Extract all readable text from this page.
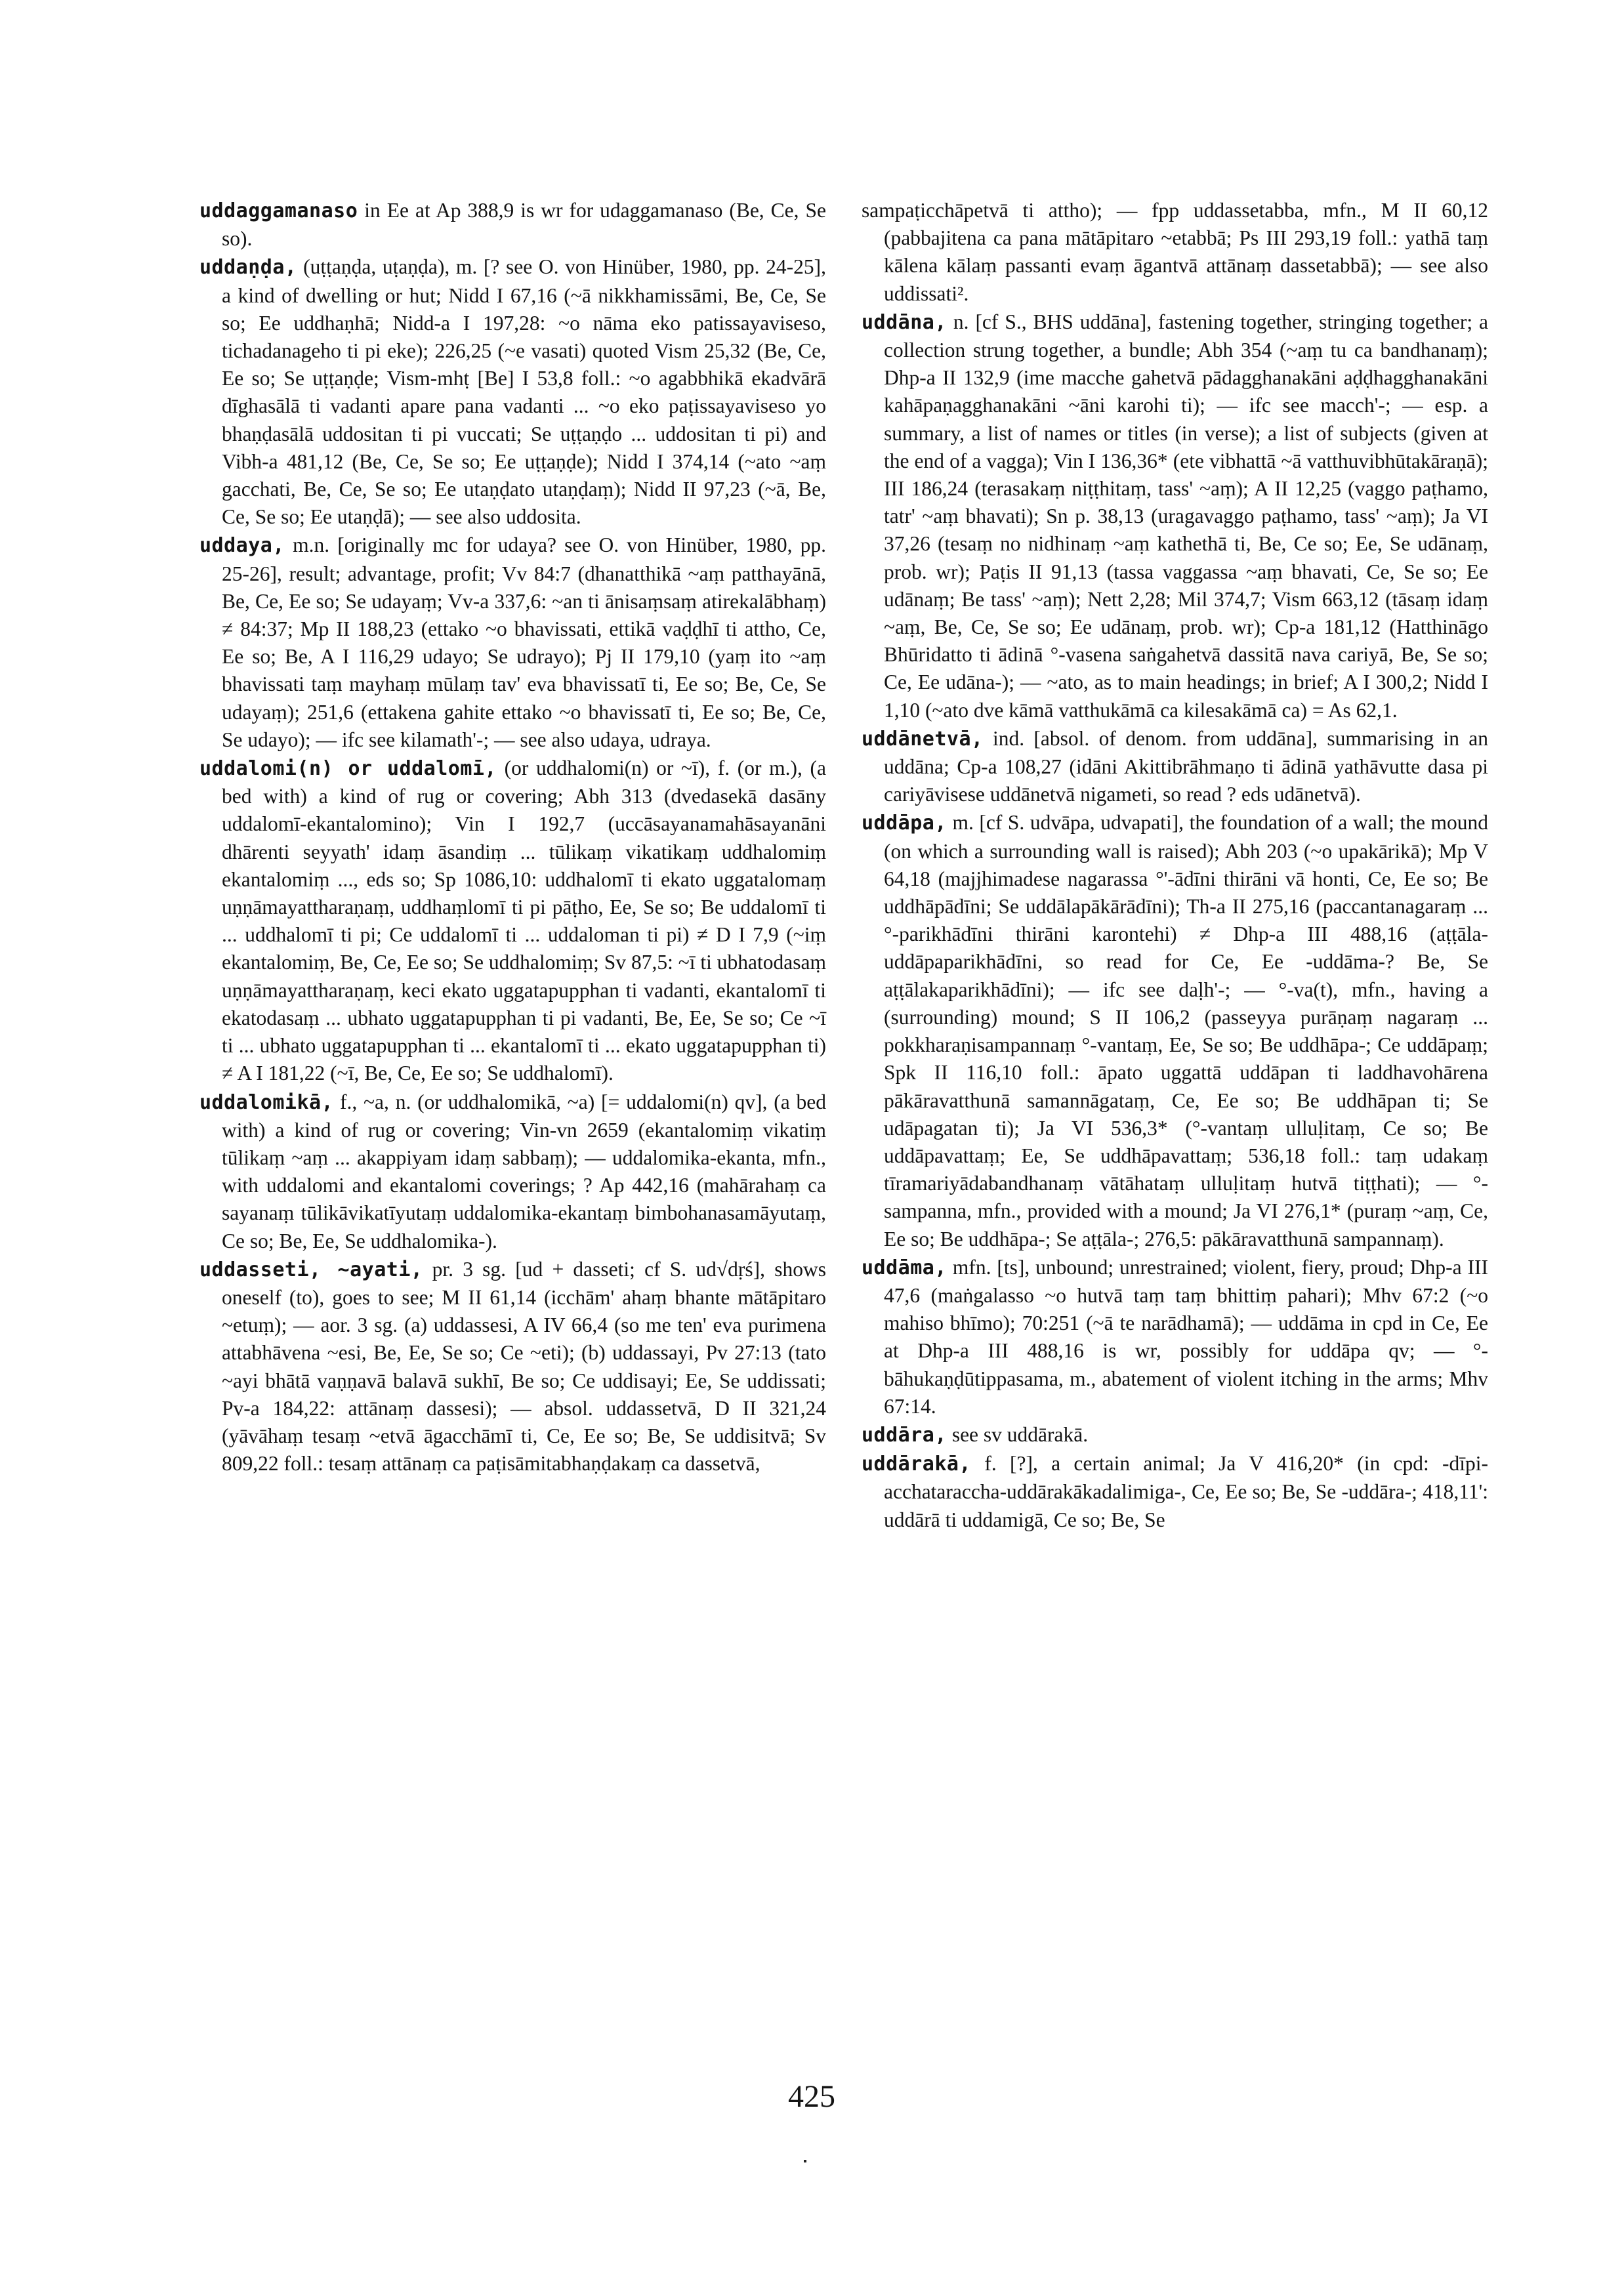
uddaggamanaso in Ee at Ap 388,9 is wr for udaggamanaso (Be, Ce, Se so).

uddaṇḍa, (uṭṭaṇḍa, uṭaṇḍa), m. [? see O. von Hinüber, 1980, pp. 24-25], a kind of dwelling or hut; Nidd I 67,16 (~ā nikkhamissāmi, Be, Ce, Se so; Ee uddhaṇhā; Nidd-a I 197,28: ~o nāma eko patissayaviseso, tichadanageho ti pi eke); 226,25 (~e vasati) quoted Vism 25,32 (Be, Ce, Ee so; Se uṭṭaṇḍe; Vism-mhṭ [Be] I 53,8 foll.: ~o agabbhikā ekadvārā dīghasālā ti vadanti apare pana vadanti ... ~o eko paṭissayaviseso yo bhaṇḍasālā uddositan ti pi vuccati; Se uṭṭaṇḍo ... uddositan ti pi) and Vibh-a 481,12 (Be, Ce, Se so; Ee uṭṭaṇḍe); Nidd I 374,14 (~ato ~aṃ gacchati, Be, Ce, Se so; Ee utaṇḍato utaṇḍaṃ); Nidd II 97,23 (~ā, Be, Ce, Se so; Ee utaṇḍā); — see also uddosita.

uddaya, m.n. [originally mc for udaya? see O. von Hinüber, 1980, pp. 25-26], result; advantage, profit; Vv 84:7 (dhanatthikā ~aṃ patthayānā, Be, Ce, Ee so; Se udayaṃ; Vv-a 337,6: ~an ti ānisaṃsaṃ atirekalābhaṃ) ≠ 84:37; Mp II 188,23 (ettako ~o bhavissati, ettikā vaḍḍhī ti attho, Ce, Ee so; Be, A I 116,29 udayo; Se udrayo); Pj II 179,10 (yaṃ ito ~aṃ bhavissati taṃ mayhaṃ mūlaṃ tav' eva bhavissatī ti, Ee so; Be, Ce, Se udayaṃ); 251,6 (ettakena gahite ettako ~o bhavissatī ti, Ee so; Be, Ce, Se udayo); — ifc see kilamath'-; — see also udaya, udraya.

uddalomi(n) or uddalomī, (or uddhalomi(n) or ~ī), f. (or m.), (a bed with) a kind of rug or covering; Abh 313 (dvedasekā dasāny uddalomī-ekantalomino); Vin I 192,7 (uccāsayanamahāsayanāni dhārenti seyyath' idaṃ āsandiṃ ... tūlikaṃ vikatikaṃ uddhalomiṃ ekantalomiṃ ..., eds so; Sp 1086,10: uddhalomī ti ekato uggatalomaṃ uṇṇāmayattharaṇaṃ, uddhaṃlomī ti pi pāṭho, Ee, Se so; Be uddalomī ti ... uddhalomī ti pi; Ce uddalomī ti ... uddaloman ti pi) ≠ D I 7,9 (~iṃ ekantalomiṃ, Be, Ce, Ee so; Se uddhalomiṃ; Sv 87,5: ~ī ti ubhatodasaṃ uṇṇāmayattharaṇaṃ, keci ekato uggatapupphan ti vadanti, ekantalomī ti ekatodasaṃ ... ubhato uggatapupphan ti pi vadanti, Be, Ee, Se so; Ce ~ī ti ... ubhato uggatapupphan ti ... ekantalomī ti ... ekato uggatapupphan ti) ≠ A I 181,22 (~ī, Be, Ce, Ee so; Se uddhalomī).

uddalomikā, f., ~a, n. (or uddhalomikā, ~a) [= uddalomi(n) qv], (a bed with) a kind of rug or covering; Vin-vn 2659 (ekantalomiṃ vikatiṃ tūlikaṃ ~aṃ ... akappiyam idaṃ sabbaṃ); — uddalomika-ekanta, mfn., with uddalomi and ekantalomi coverings; ? Ap 442,16 (mahārahaṃ ca sayanaṃ tūlikāvikatīyutaṃ uddalomika-ekantaṃ bimbohanasamāyutaṃ, Ce so; Be, Ee, Se uddhalomika-).

uddasseti, ~ayati, pr. 3 sg. [ud + dasseti; cf S. ud√dṛś], shows oneself (to), goes to see; M II 61,14 (icchām' ahaṃ bhante mātāpitaro ~etuṃ); — aor. 3 sg. (a) uddassesi, A IV 66,4 (so me ten' eva purimena attabhāvena ~esi, Be, Ee, Se so; Ce ~eti); (b) uddassayi, Pv 27:13 (tato ~ayi bhātā vaṇṇavā balavā sukhī, Be so; Ce uddisayi; Ee, Se uddissati; Pv-a 184,22: attānaṃ dassesi); — absol. uddassetvā, D II 321,24 (yāvāhaṃ tesaṃ ~etvā āgacchāmī ti, Ce, Ee so; Be, Se uddisitvā; Sv 809,22 foll.: tesaṃ attānaṃ ca paṭisāmitabhaṇḍakaṃ ca dassetvā,

sampaṭicchāpetvā ti attho); — fpp uddassetabba, mfn., M II 60,12 (pabbajitena ca pana mātāpitaro ~etabbā; Ps III 293,19 foll.: yathā taṃ kālena kālaṃ passanti evaṃ āgantvā attānaṃ dassetabbā); — see also uddissati².

uddāna, n. [cf S., BHS uddāna], fastening together, stringing together; a collection strung together, a bundle; Abh 354 (~aṃ tu ca bandhanaṃ); Dhp-a II 132,9 (ime macche gahetvā pādagghanakāni aḍḍhagghanakāni kahāpaṇagghanakāni ~āni karohi ti); — ifc see macch'-; — esp. a summary, a list of names or titles (in verse); a list of subjects (given at the end of a vagga); Vin I 136,36* (ete vibhattā ~ā vatthuvibhūtakāraṇā); III 186,24 (terasakaṃ niṭṭhitaṃ, tass' ~aṃ); A II 12,25 (vaggo paṭhamo, tatr' ~aṃ bhavati); Sn p. 38,13 (uragavaggo paṭhamo, tass' ~aṃ); Ja VI 37,26 (tesaṃ no nidhinaṃ ~aṃ kathethā ti, Be, Ce so; Ee, Se udānaṃ, prob. wr); Paṭis II 91,13 (tassa vaggassa ~aṃ bhavati, Ce, Se so; Ee udānaṃ; Be tass' ~aṃ); Nett 2,28; Mil 374,7; Vism 663,12 (tāsaṃ idaṃ ~aṃ, Be, Ce, Se so; Ee udānaṃ, prob. wr); Cp-a 181,12 (Hatthināgo Bhūridatto ti ādinā °-vasena saṅgahetvā dassitā nava cariyā, Be, Se so; Ce, Ee udāna-); — ~ato, as to main headings; in brief; A I 300,2; Nidd I 1,10 (~ato dve kāmā vatthukāmā ca kilesakāmā ca) = As 62,1.

uddānetvā, ind. [absol. of denom. from uddāna], summarising in an uddāna; Cp-a 108,27 (idāni Akittibrāhmaṇo ti ādinā yathāvutte dasa pi cariyāvisese uddānetvā nigameti, so read ? eds udānetvā).

uddāpa, m. [cf S. udvāpa, udvapati], the foundation of a wall; the mound (on which a surrounding wall is raised); Abh 203 (~o upakārikā); Mp V 64,18 (majjhimadese nagarassa °'-ādīni thirāni vā honti, Ce, Ee so; Be uddhāpādīni; Se uddālapākārādīni); Th-a II 275,16 (paccantanagaraṃ ... °-parikhādīni thirāni karontehi) ≠ Dhp-a III 488,16 (aṭṭāla-uddāpaparikhādīni, so read for Ce, Ee -uddāma-? Be, Se aṭṭālakaparikhādīni); — ifc see daḷh'-; — °-va(t), mfn., having a (surrounding) mound; S II 106,2 (passeyya purāṇaṃ nagaraṃ ... pokkharaṇisampannaṃ °-vantaṃ, Ee, Se so; Be uddhāpa-; Ce uddāpaṃ; Spk II 116,10 foll.: āpato uggattā uddāpan ti laddhavohārena pākāravatthunā samannāgataṃ, Ce, Ee so; Be uddhāpan ti; Se udāpagatan ti); Ja VI 536,3* (°-vantaṃ ulluḷitaṃ, Ce so; Be uddāpavattaṃ; Ee, Se uddhāpavattaṃ; 536,18 foll.: taṃ udakaṃ tīramariyādabandhanaṃ vātāhataṃ ulluḷitaṃ hutvā tiṭṭhati); — °-sampanna, mfn., provided with a mound; Ja VI 276,1* (puraṃ ~aṃ, Ce, Ee so; Be uddhāpa-; Se aṭṭāla-; 276,5: pākāravatthunā sampannaṃ).

uddāma, mfn. [ts], unbound; unrestrained; violent, fiery, proud; Dhp-a III 47,6 (maṅgalasso ~o hutvā taṃ taṃ bhittiṃ pahari); Mhv 67:2 (~o mahiso bhīmo); 70:251 (~ā te narādhamā); — uddāma in cpd in Ce, Ee at Dhp-a III 488,16 is wr, possibly for uddāpa qv; — °-bāhukaṇḍūtippasama, m., abatement of violent itching in the arms; Mhv 67:14.

uddāra, see sv uddārakā.

uddārakā, f. [?], a certain animal; Ja V 416,20* (in cpd: -dīpi-acchataraccha-uddārakākadalimiga-, Ce, Ee so; Be, Se -uddāra-; 418,11': uddārā ti uddamigā, Ce so; Be, Se

425
